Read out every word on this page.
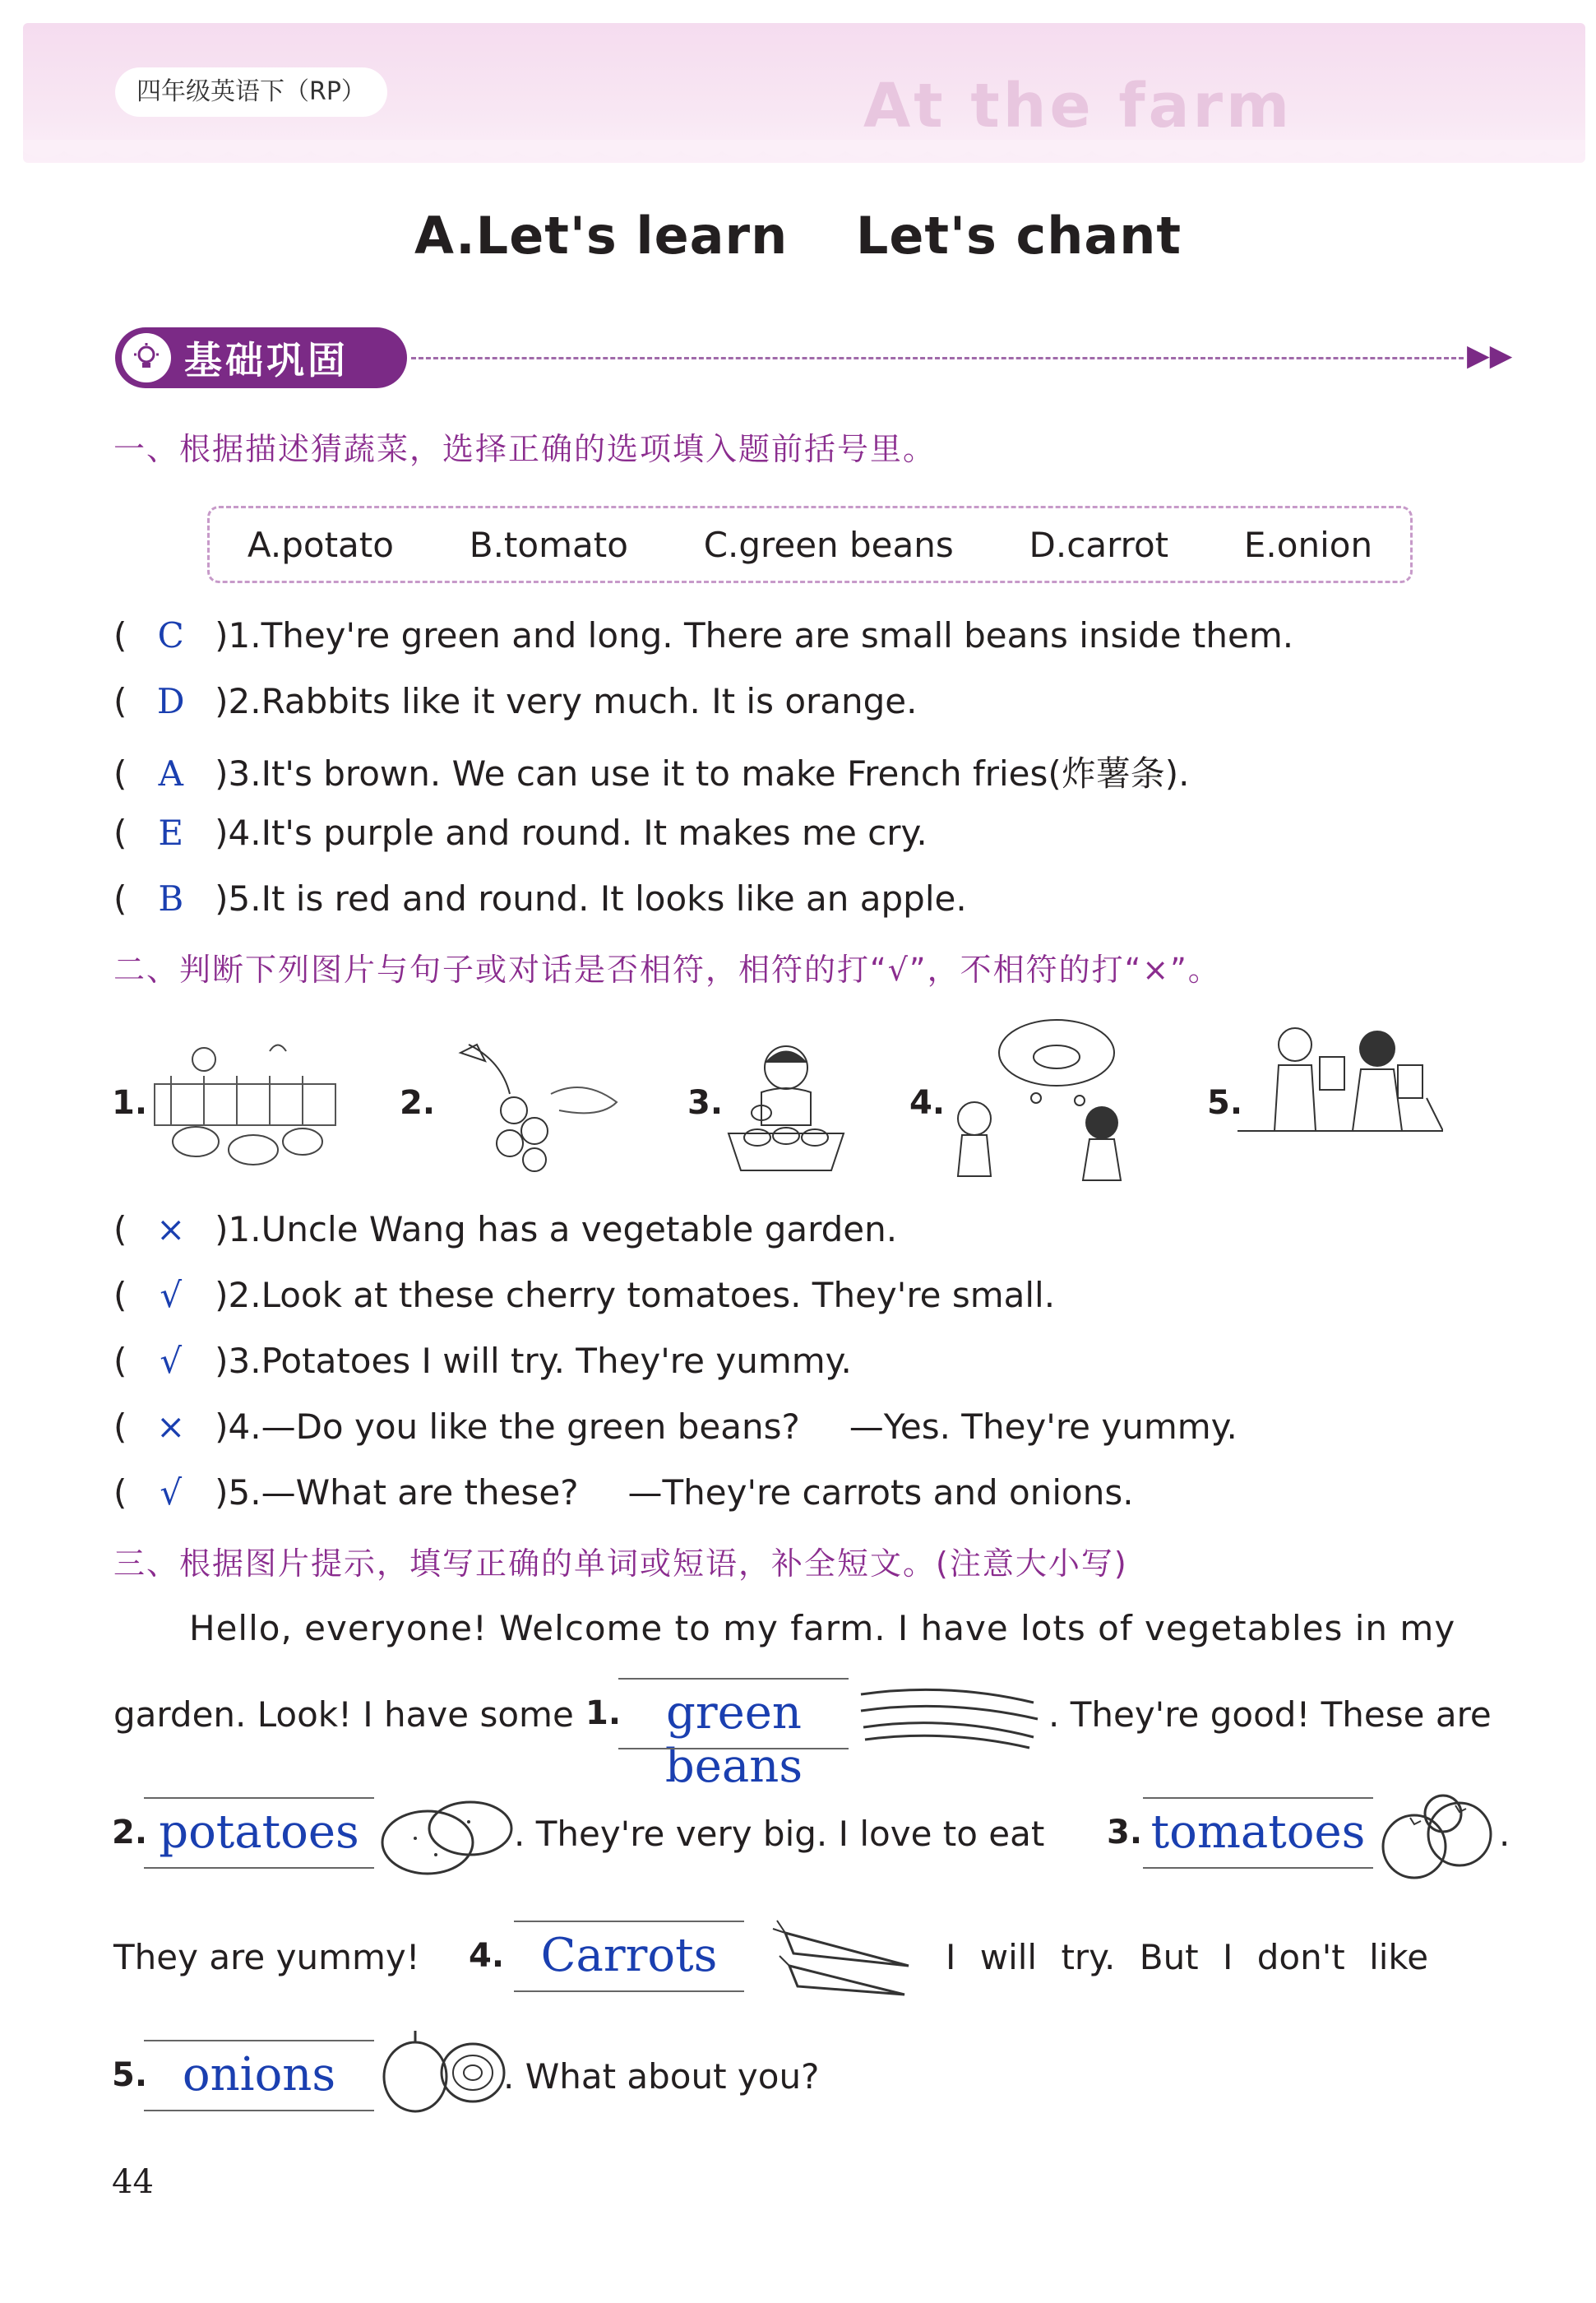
四年级英语下（RP）	At the farm
A.Let's learn Let's chant
基础巩固	▶▶
一、根据描述猜蔬菜，选择正确的选项填入题前括号里。
A.potato B.tomato C.green beans D.carrot E.onion
( C )1.They're green and long. There are small beans inside them.
( D )2.Rabbits like it very much. It is orange.
( A )3.It's brown. We can use it to make French fries(炸薯条).
( E )4.It's purple and round. It makes me cry.
( B )5.It is red and round. It looks like an apple.
二、判断下列图片与句子或对话是否相符，相符的打“√”，不相符的打“×”。
1.	2.	3.	4.	5.
( × )1.Uncle Wang has a vegetable garden.
( √ )2.Look at these cherry tomatoes. They're small.
( √ )3.Potatoes I will try. They're yummy.
( × )4.—Do you like the green beans? —Yes. They're yummy.
( √ )5.—What are these? —They're carrots and onions.
三、根据图片提示，填写正确的单词或短语，补全短文。(注意大小写)
Hello, everyone! Welcome to my farm. I have lots of vegetables in my
garden. Look! I have some 1. green beans
. They're good! These are
2. potatoes	. They're very big. I love to eat 3. tomatoes	.
They are yummy! 4. Carrots	I will try. But I don't like
5. onions	. What about you?
44
